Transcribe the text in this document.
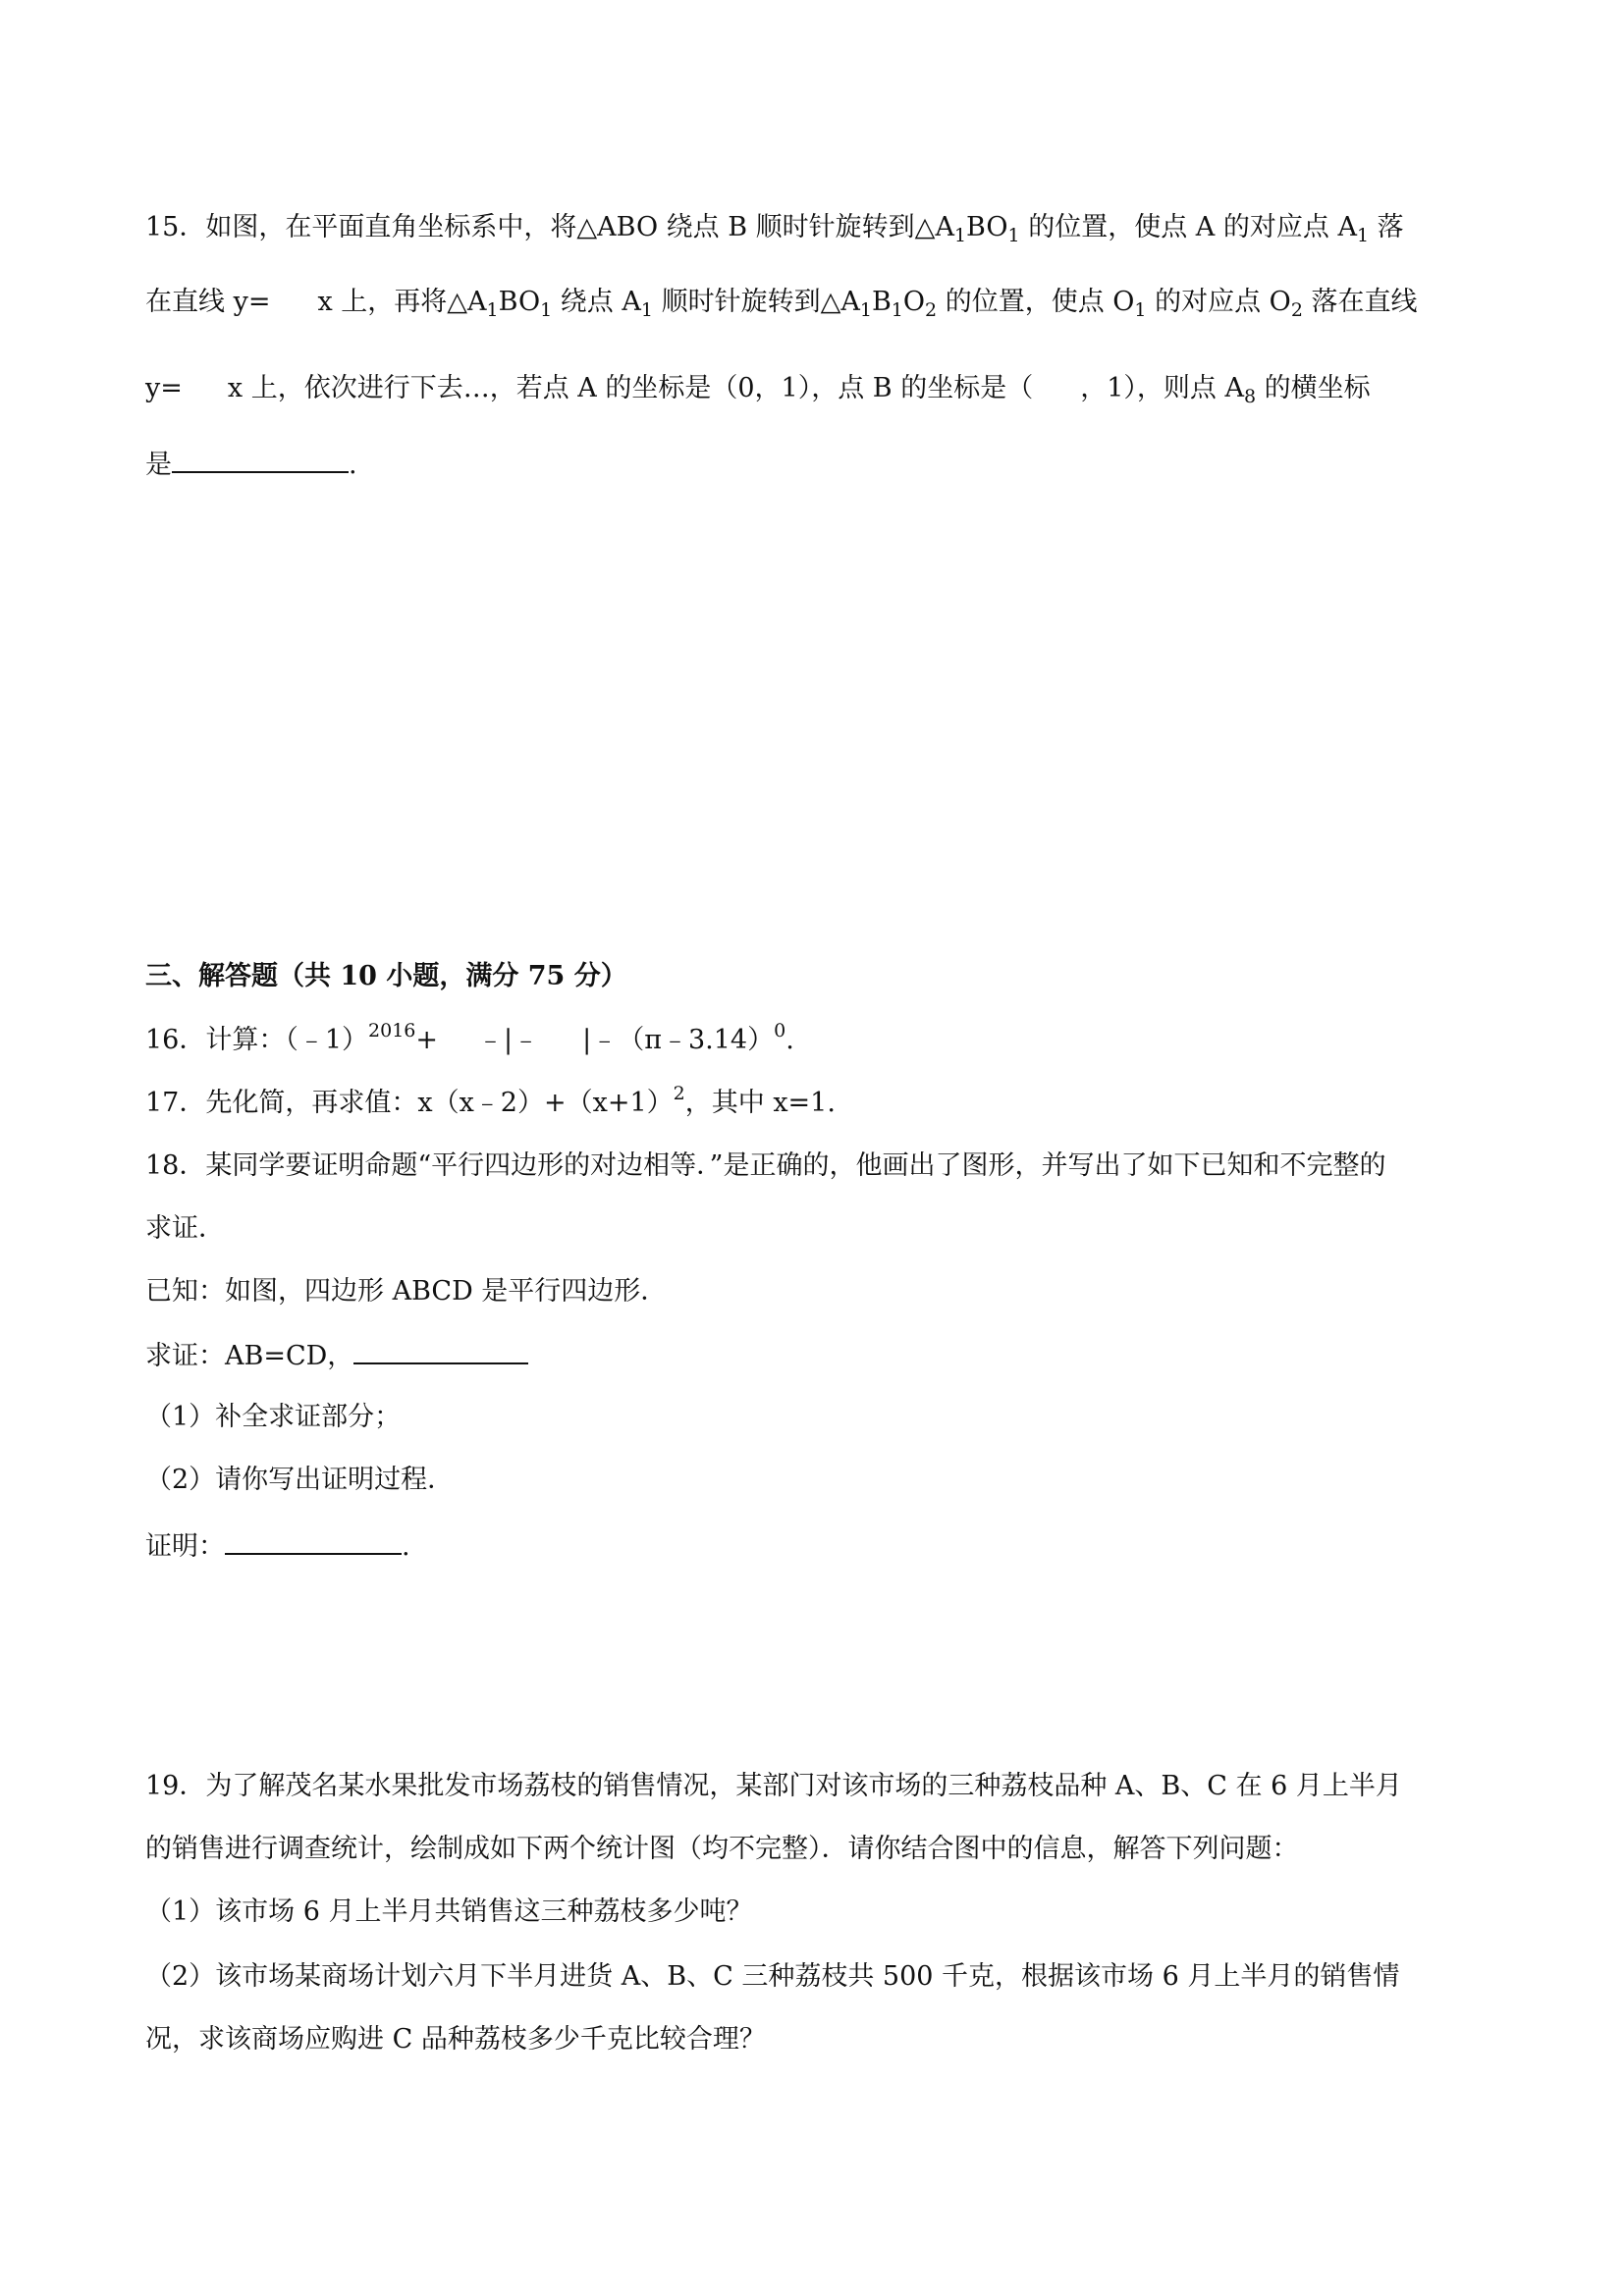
15．如图，在平面直角坐标系中，将△ABO 绕点 B 顺时针旋转到$\triangle A_1BO_1$ 的位置，使点 A 的对应点 $A_1$ 落
在直线 y= x 上，再将$\triangle A_1BO_1$ 绕点 $A_1$ 顺时针旋转到$\triangle A_1B_1O_2$ 的位置，使点 $O_1$ 的对应点 $O_2$ 落在直线
y= x 上，依次进行下去…，若点 A 的坐标是（0，1），点 B 的坐标是（ ，1），则点 $A_8$ 的横坐标
是	.
三、解答题（共 10 小题，满分 75 分）
16．计算：（﹣1）$^{2016}$+ ﹣|﹣ |﹣（π﹣3.14）$^0$.
17．先化简，再求值：$x(x﹣2)+(x+1)^2$，其中 x=1.
18．某同学要证明命题“平行四边形的对边相等．”是正确的，他画出了图形，并写出了如下已知和不完整的
求证．
已知：如图，四边形 ABCD 是平行四边形．
求证：AB=CD，
（1）补全求证部分；
（2）请你写出证明过程．
证明：	.
19．为了解茂名某水果批发市场荔枝的销售情况，某部门对该市场的三种荔枝品种 A、B、C 在 6 月上半月
的销售进行调查统计，绘制成如下两个统计图（均不完整）．请你结合图中的信息，解答下列问题：
（1）该市场 6 月上半月共销售这三种荔枝多少吨？
（2）该市场某商场计划六月下半月进货 A、B、C 三种荔枝共 500 千克，根据该市场 6 月上半月的销售情
况，求该商场应购进 C 品种荔枝多少千克比较合理？
